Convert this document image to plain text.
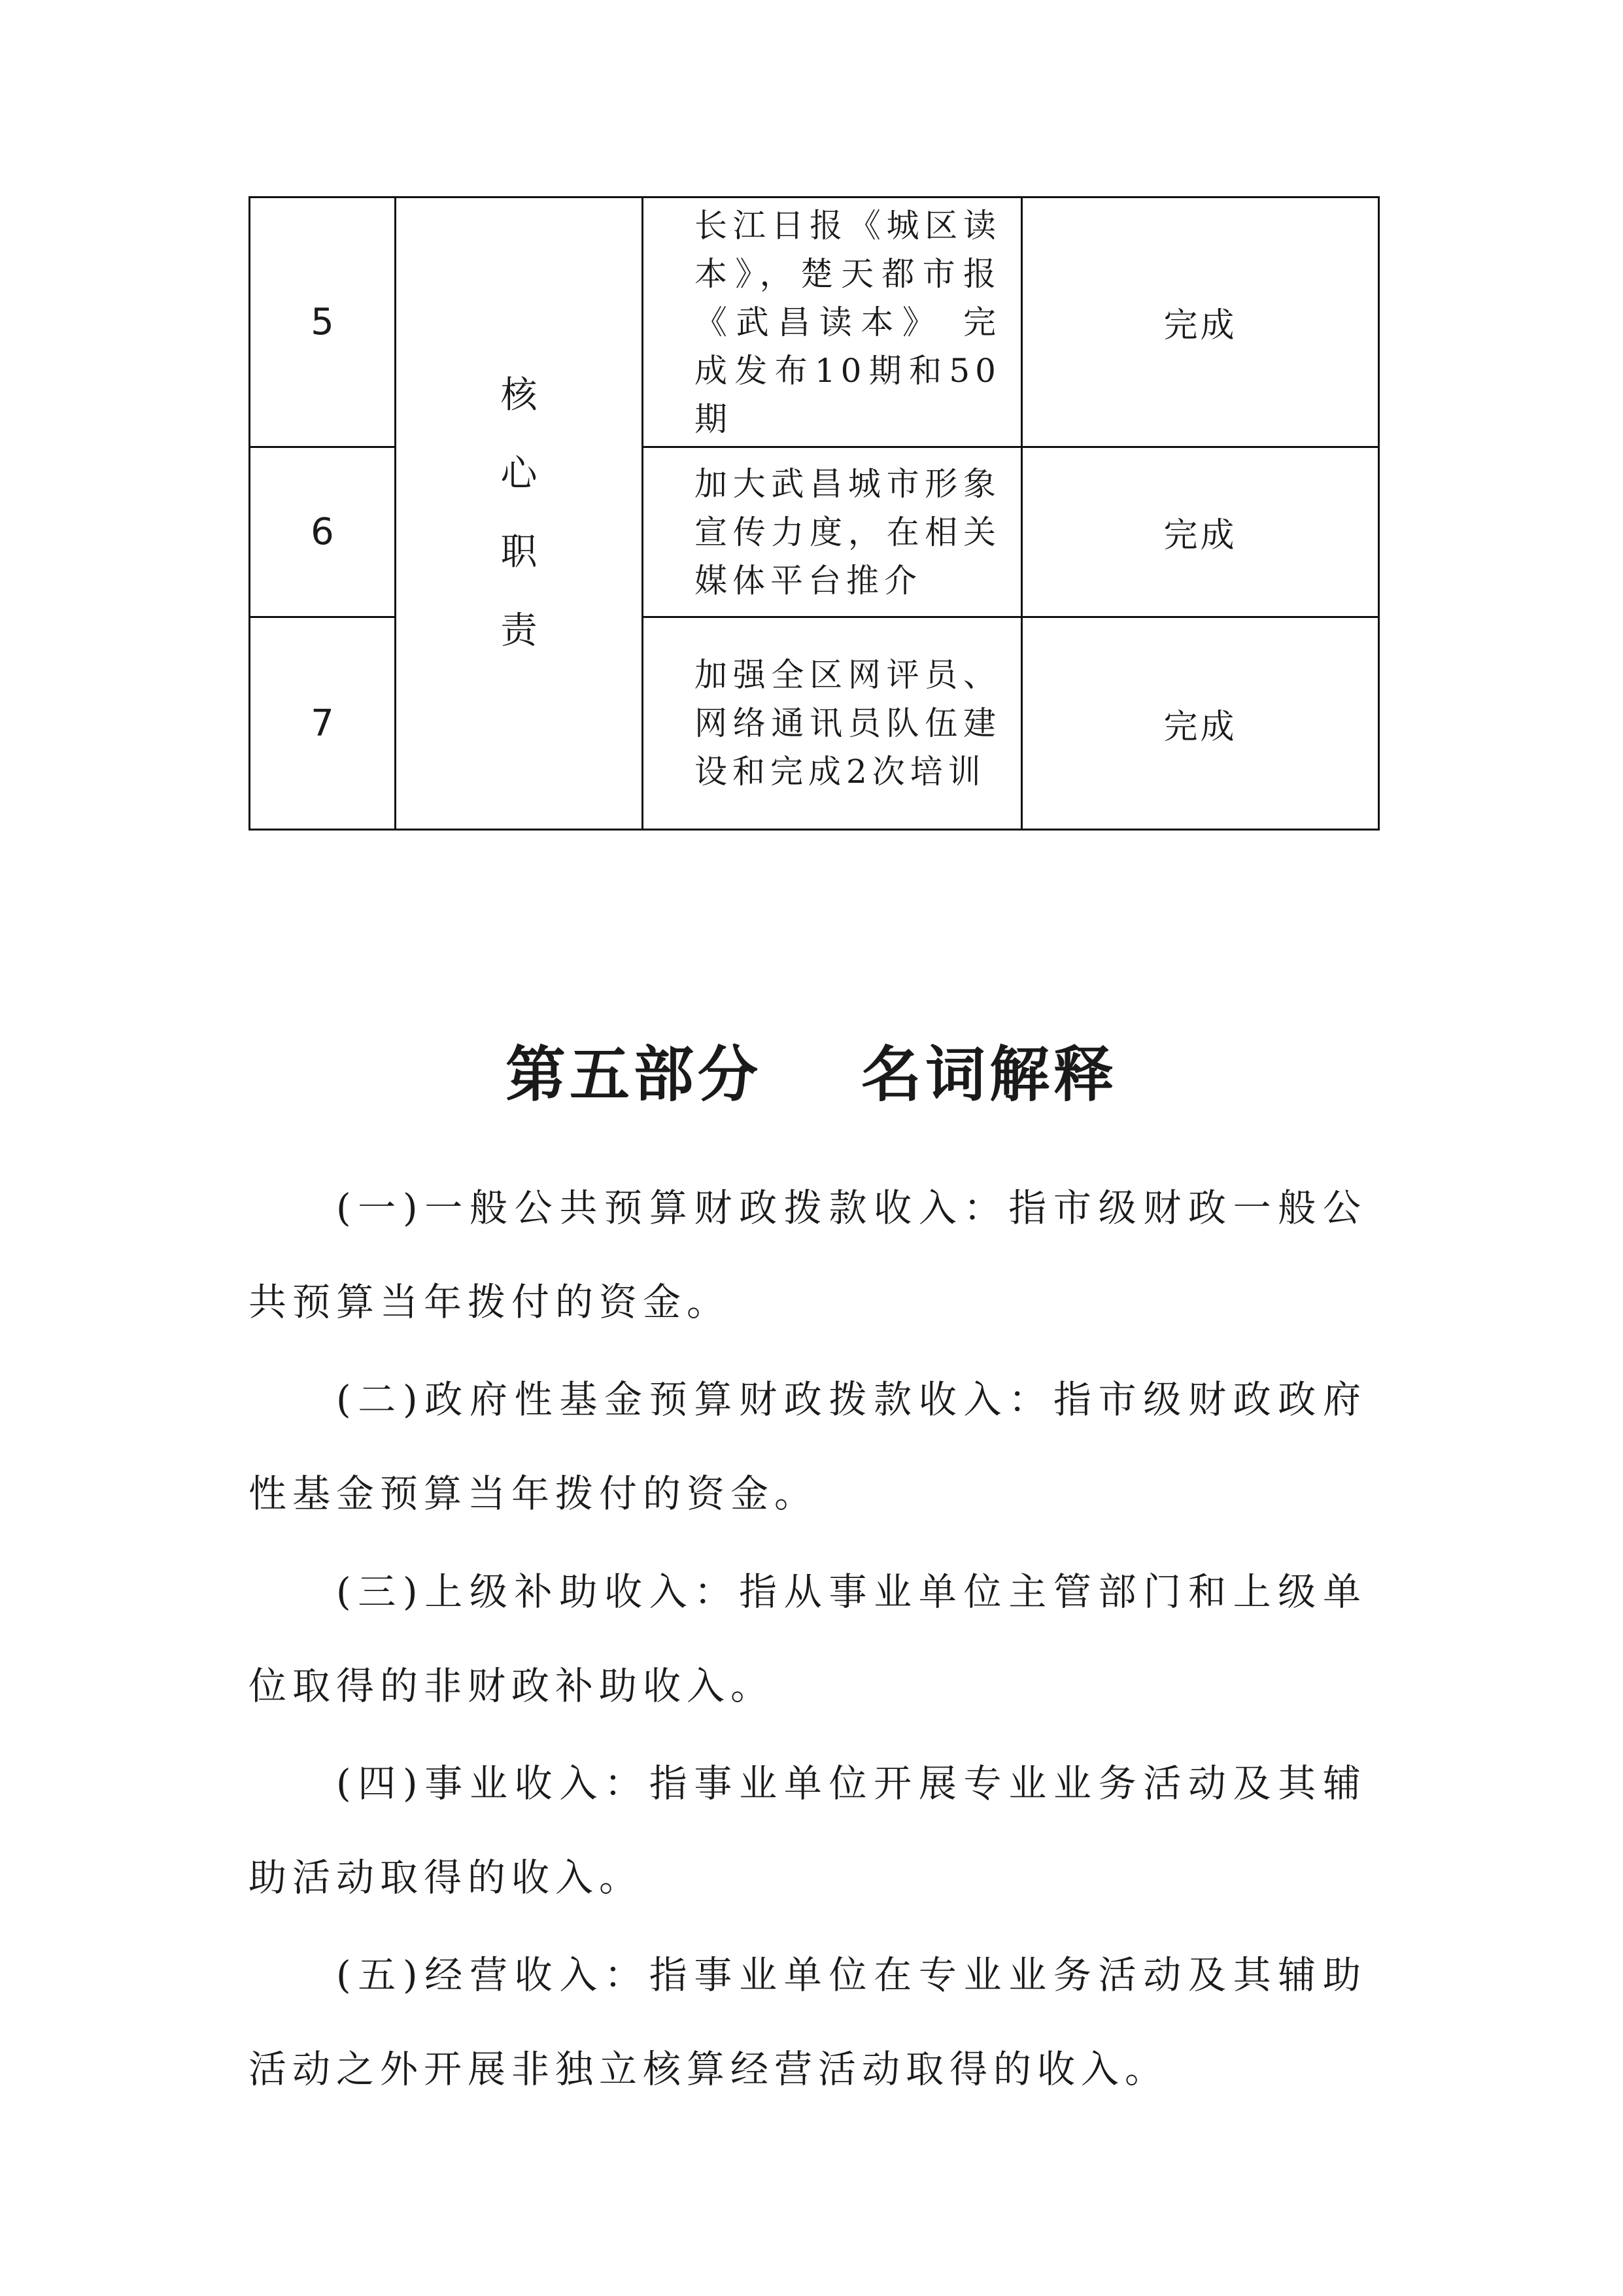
核 心 职 责
5
长江日报《城区读本》，楚天都市报《武昌读本》 完成发布10期和50期
完成
6
加大武昌城市形象宣传力度，在相关媒体平台推介
完成
7
加强全区网评员、网络通讯员队伍建设和完成2次培训
完成
第五部分    名词解释

(一)一般公共预算财政拨款收入：指市级财政一般公共预算当年拨付的资金。

(二)政府性基金预算财政拨款收入：指市级财政政府性基金预算当年拨付的资金。

(三)上级补助收入：指从事业单位主管部门和上级单位取得的非财政补助收入。

(四)事业收入：指事业单位开展专业业务活动及其辅助活动取得的收入。

(五)经营收入：指事业单位在专业业务活动及其辅助活动之外开展非独立核算经营活动取得的收入。
